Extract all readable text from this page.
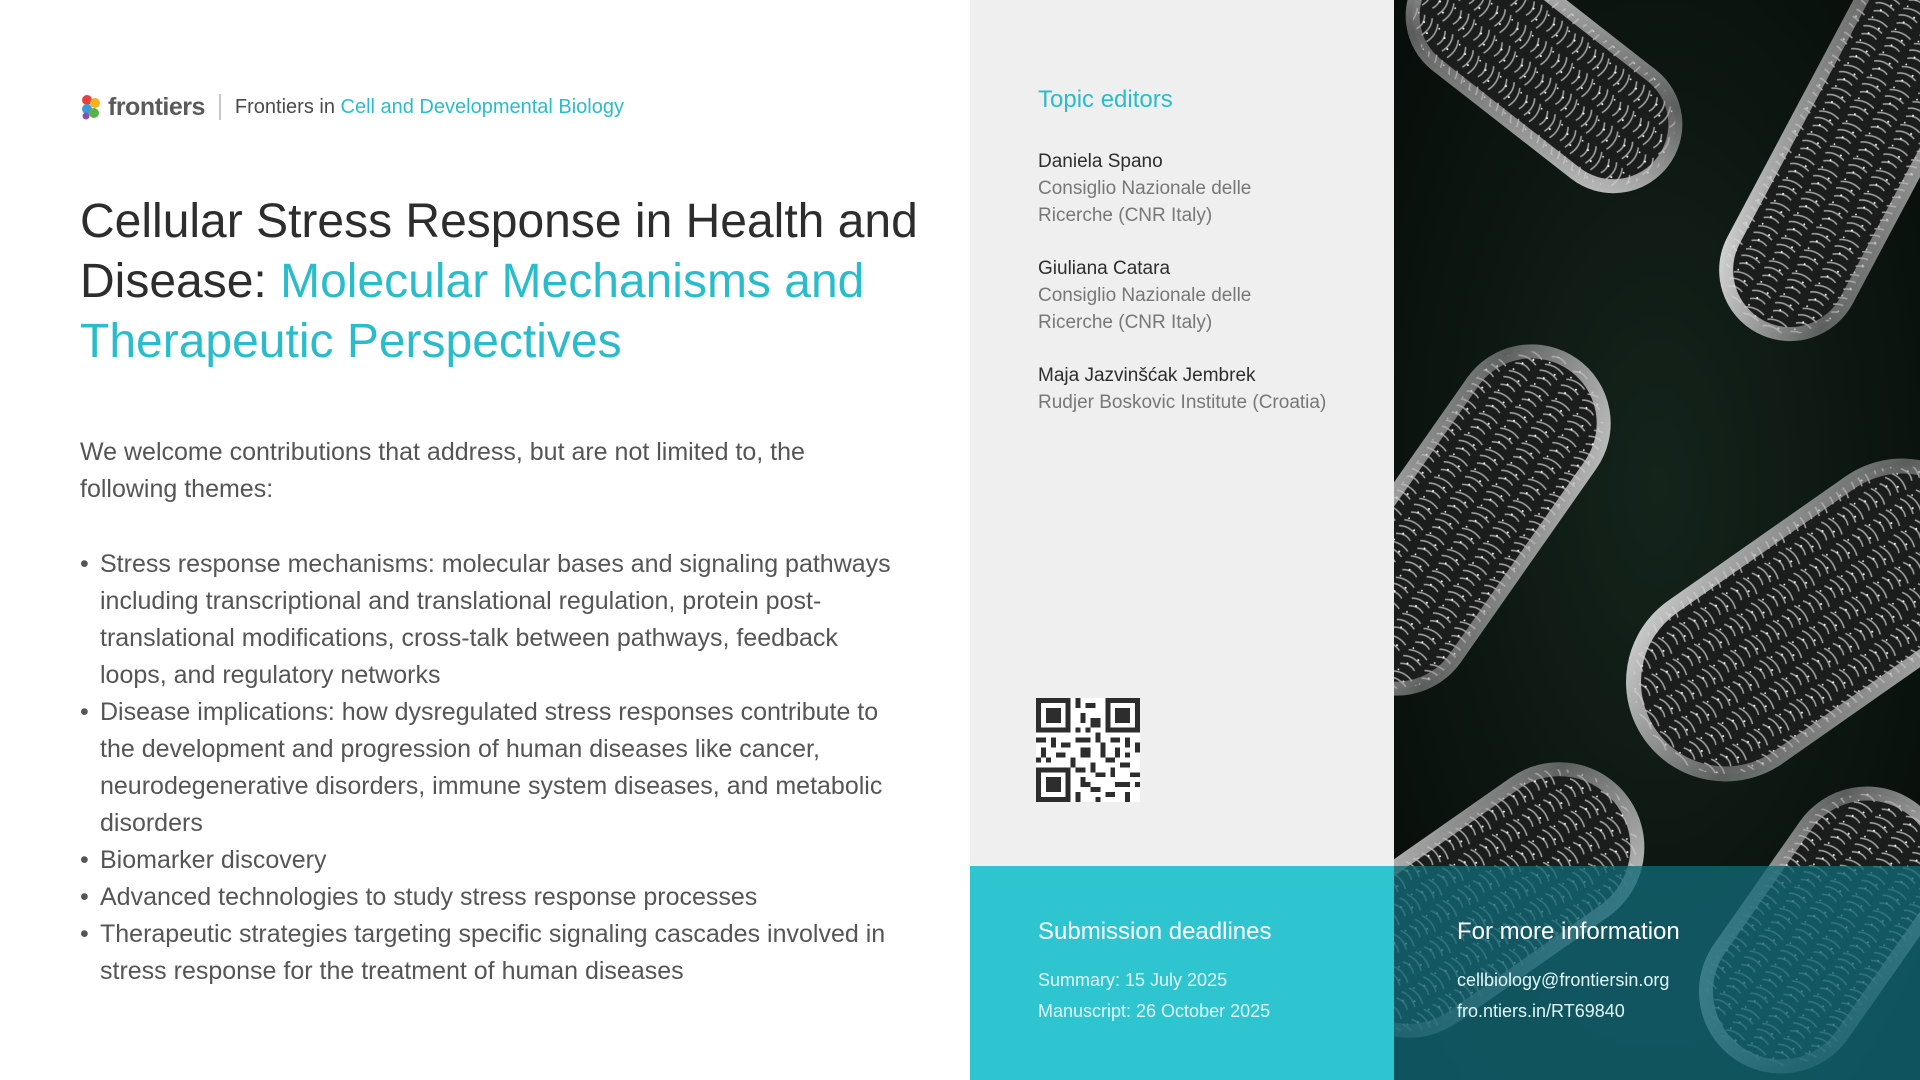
frontiers Frontiers in Cell and Developmental Biology
Cellular Stress Response in Health and Disease: Molecular Mechanisms and Therapeutic Perspectives

We welcome contributions that address, but are not limited to, the following themes:

• Stress response mechanisms: molecular bases and signaling pathways including transcriptional and translational regulation, protein post-translational modifications, cross-talk between pathways, feedback loops, and regulatory networks
• Disease implications: how dysregulated stress responses contribute to the development and progression of human diseases like cancer, neurodegenerative disorders, immune system diseases, and metabolic disorders
• Biomarker discovery
• Advanced technologies to study stress response processes
• Therapeutic strategies targeting specific signaling cascades involved in stress response for the treatment of human diseases
Topic editors
Daniela Spano
Consiglio Nazionale delle Ricerche (CNR Italy)
Giuliana Catara
Consiglio Nazionale delle Ricerche (CNR Italy)
Maja Jazvinšćak Jembrek
Rudjer Boskovic Institute (Croatia)
Submission deadlines
Summary: 15 July 2025
Manuscript: 26 October 2025
For more information
cellbiology@frontiersin.org
fro.ntiers.in/RT69840
